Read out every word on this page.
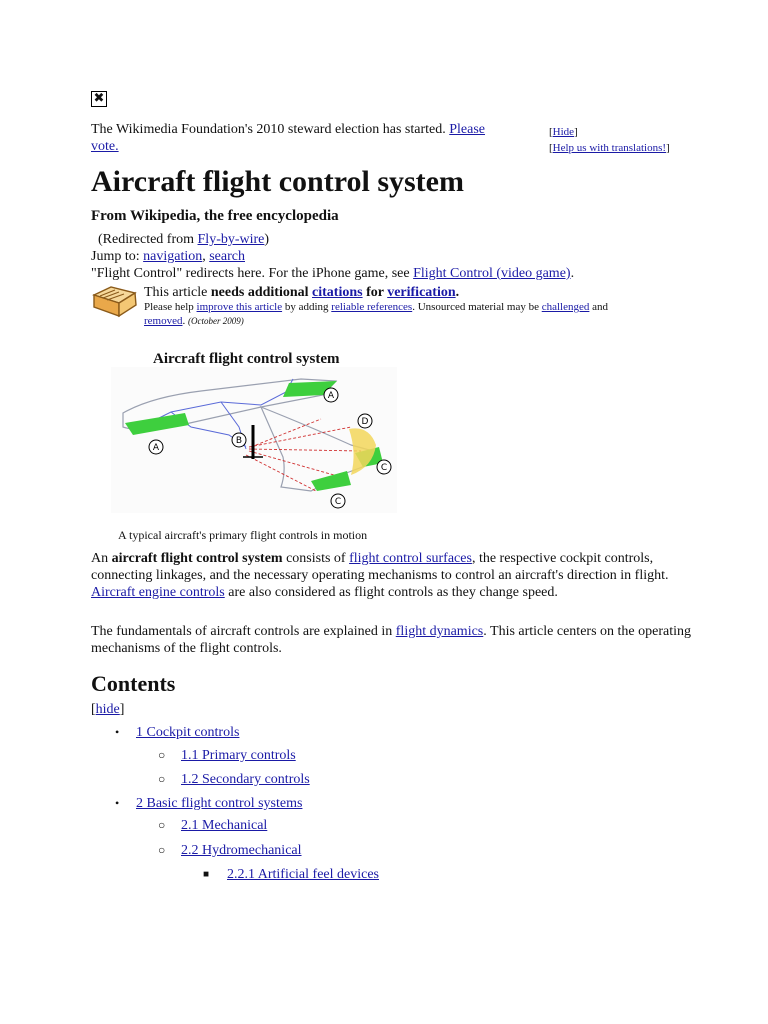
✖
The Wikimedia Foundation's 2010 steward election has started. Please
vote.
[Hide]
[Help us with translations!]
Aircraft flight control system
From Wikipedia, the free encyclopedia
(Redirected from Fly-by-wire)
Jump to: navigation, search
"Flight Control" redirects here. For the iPhone game, see Flight Control (video game).
This article needs additional citations for verification.
Please help improve this article by adding reliable references. Unsourced material may be challenged and
removed. (October 2009)
Aircraft flight control system
A
A
B
D
C
C
A typical aircraft's primary flight controls in motion
An aircraft flight control system consists of flight control surfaces, the respective cockpit controls, connecting linkages, and the necessary operating mechanisms to control an aircraft's direction in flight. Aircraft engine controls are also considered as flight controls as they change speed.
The fundamentals of aircraft controls are explained in flight dynamics. This article centers on the operating mechanisms of the flight controls.
Contents
[hide]
• 1 Cockpit controls
○ 1.1 Primary controls
○ 1.2 Secondary controls
• 2 Basic flight control systems
○ 2.1 Mechanical
○ 2.2 Hydromechanical
■ 2.2.1 Artificial feel devices
